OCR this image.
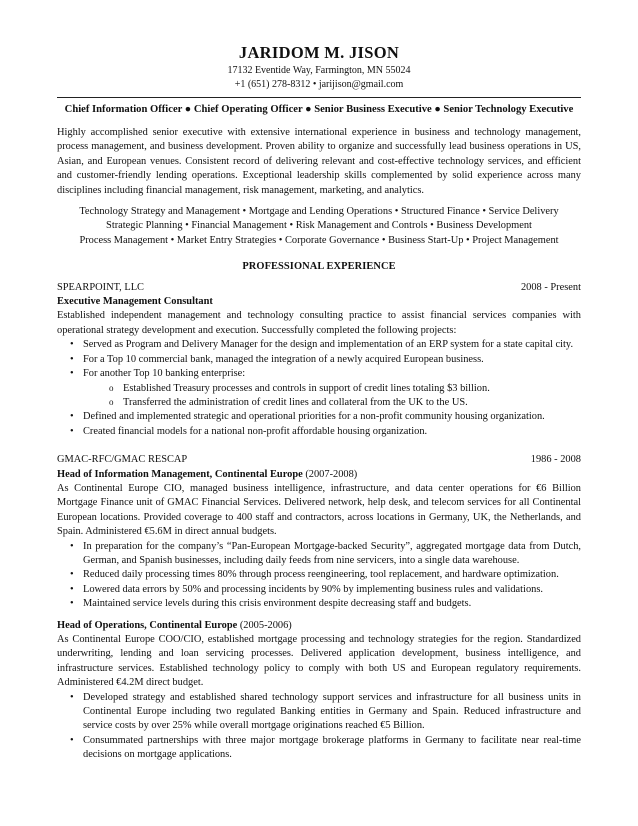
JARIDOM M. JISON
17132 Eventide Way, Farmington, MN 55024
+1 (651) 278-8312 • jarijison@gmail.com
Chief Information Officer ● Chief Operating Officer ● Senior Business Executive ● Senior Technology Executive
Highly accomplished senior executive with extensive international experience in business and technology management, process management, and business development. Proven ability to organize and successfully lead business operations in US, Asian, and European venues. Consistent record of delivering relevant and cost-effective technology services, and efficient and customer-friendly lending operations. Exceptional leadership skills complemented by solid experience across many disciplines including financial management, risk management, marketing, and analytics.
Technology Strategy and Management • Mortgage and Lending Operations • Structured Finance • Service Delivery
Strategic Planning • Financial Management • Risk Management and Controls • Business Development
Process Management • Market Entry Strategies • Corporate Governance • Business Start-Up • Project Management
PROFESSIONAL EXPERIENCE
SPEARPOINT, LLC	2008 - Present
Executive Management Consultant
Established independent management and technology consulting practice to assist financial services companies with operational strategy development and execution. Successfully completed the following projects:
• Served as Program and Delivery Manager for the design and implementation of an ERP system for a state capital city.
• For a Top 10 commercial bank, managed the integration of a newly acquired European business.
• For another Top 10 banking enterprise:
o Established Treasury processes and controls in support of credit lines totaling $3 billion.
o Transferred the administration of credit lines and collateral from the UK to the US.
• Defined and implemented strategic and operational priorities for a non-profit community housing organization.
• Created financial models for a national non-profit affordable housing organization.
GMAC-RFC/GMAC RESCAP	1986 - 2008
Head of Information Management, Continental Europe (2007-2008)
As Continental Europe CIO, managed business intelligence, infrastructure, and data center operations for €6 Billion Mortgage Finance unit of GMAC Financial Services. Delivered network, help desk, and telecom services for all Continental European locations. Provided coverage to 400 staff and contractors, across locations in Germany, UK, the Netherlands, and Spain. Administered €5.6M in direct annual budgets.
• In preparation for the company’s “Pan-European Mortgage-backed Security”, aggregated mortgage data from Dutch, German, and Spanish businesses, including daily feeds from nine servicers, into a single data warehouse.
• Reduced daily processing times 80% through process reengineering, tool replacement, and hardware optimization.
• Lowered data errors by 50% and processing incidents by 90% by implementing business rules and validations.
• Maintained service levels during this crisis environment despite decreasing staff and budgets.
Head of Operations, Continental Europe (2005-2006)
As Continental Europe COO/CIO, established mortgage processing and technology strategies for the region. Standardized underwriting, lending and loan servicing processes. Delivered application development, business intelligence, and infrastructure services. Established technology policy to comply with both US and European regulatory requirements. Administered €4.2M direct budget.
• Developed strategy and established shared technology support services and infrastructure for all business units in Continental Europe including two regulated Banking entities in Germany and Spain. Reduced infrastructure and service costs by over 25% while overall mortgage originations reached €5 Billion.
• Consummated partnerships with three major mortgage brokerage platforms in Germany to facilitate near real-time decisions on mortgage applications.
